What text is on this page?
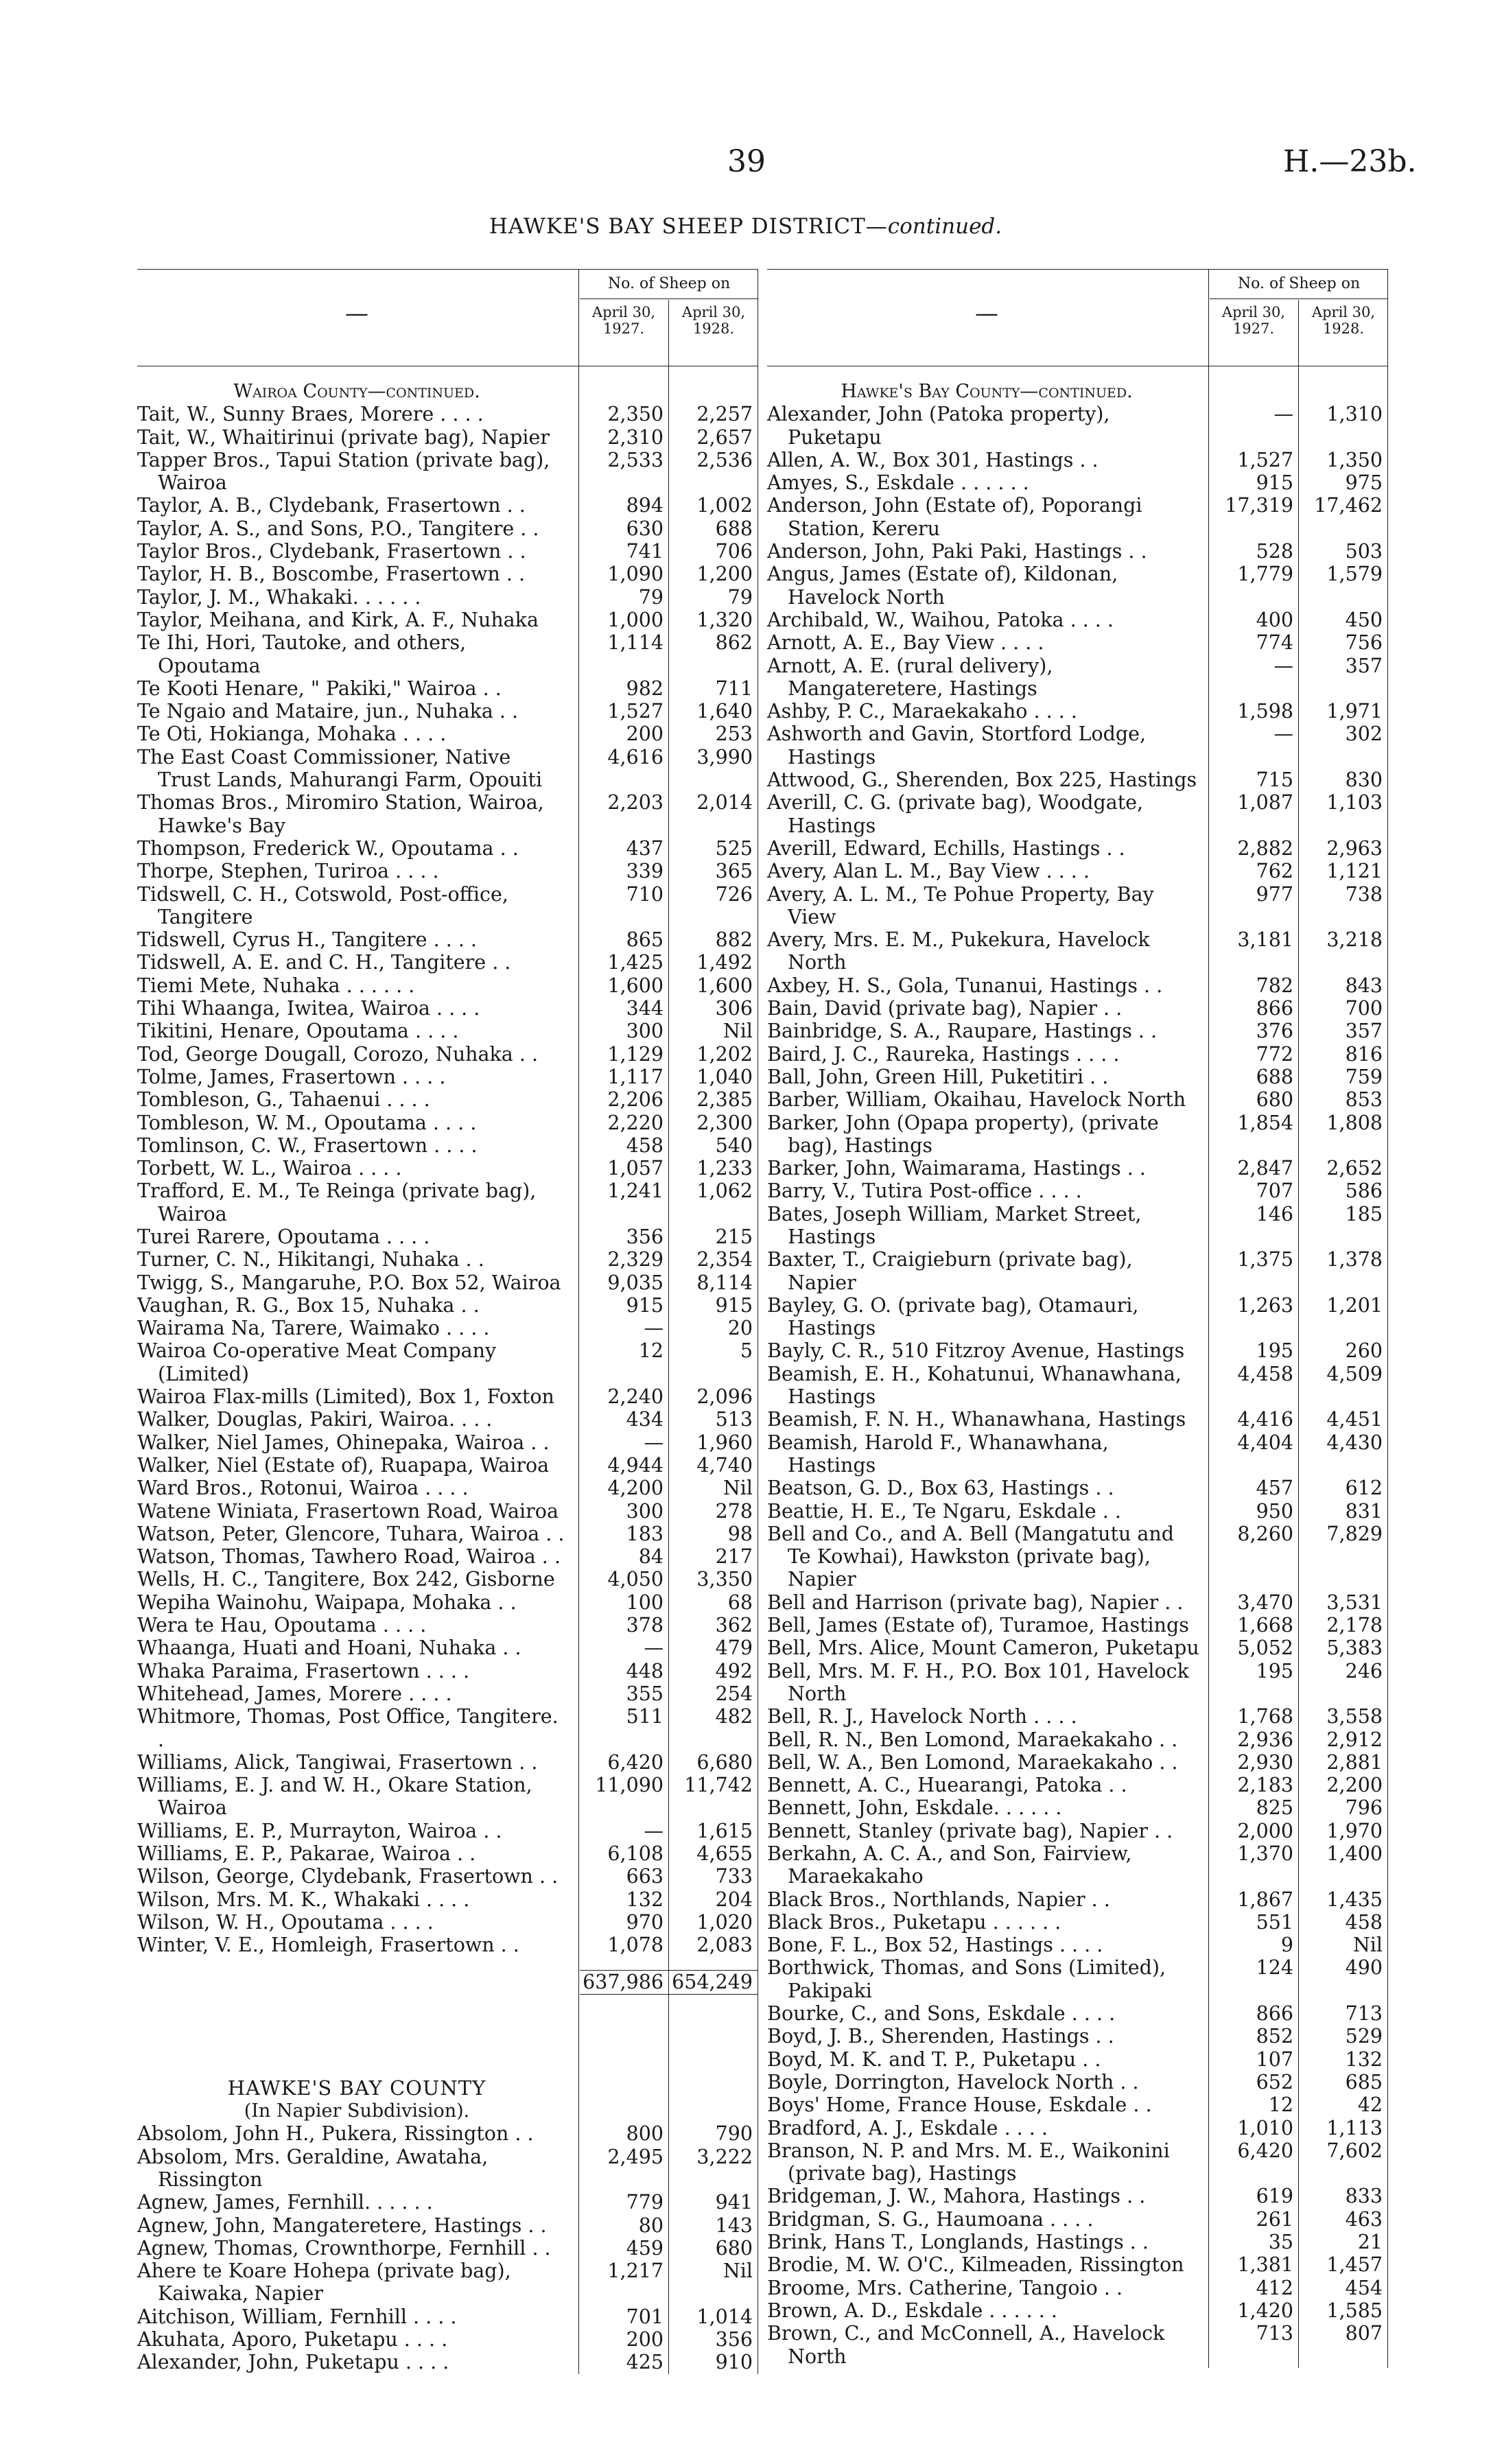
39	H.—23b.
HAWKE'S BAY SHEEP DISTRICT—continued.
—
No. of Sheep on
April 30, 1927.
April 30, 1928.
Wairoa County—continued.
Tait, W., Sunny Braes, Morere . . . .	2,350	2,257
Tait, W., Whaitirinui (private bag), Napier	2,310	2,657
Tapper Bros., Tapui Station (private bag), Wairoa
2,533	2,536
Taylor, A. B., Clydebank, Frasertown . .	894	1,002
Taylor, A. S., and Sons, P.O., Tangitere . .	630	688
Taylor Bros., Clydebank, Frasertown . .	741	706
Taylor, H. B., Boscombe, Frasertown . .	1,090	1,200
Taylor, J. M., Whakaki. . . . . .	79	79
Taylor, Meihana, and Kirk, A. F., Nuhaka	1,000	1,320
Te Ihi, Hori, Tautoke, and others, Opoutama
1,114	862
Te Kooti Henare, " Pakiki," Wairoa . .	982	711
Te Ngaio and Mataire, jun., Nuhaka . .	1,527	1,640
Te Oti, Hokianga, Mohaka . . . .	200	253
The East Coast Commissioner, Native Trust Lands, Mahurangi Farm, Opouiti
4,616	3,990
Thomas Bros., Miromiro Station, Wairoa, Hawke's Bay
2,203	2,014
Thompson, Frederick W., Opoutama . .	437	525
Thorpe, Stephen, Turiroa . . . .	339	365
Tidswell, C. H., Cotswold, Post-office, Tangitere
710	726
Tidswell, Cyrus H., Tangitere . . . .	865	882
Tidswell, A. E. and C. H., Tangitere . .	1,425	1,492
Tiemi Mete, Nuhaka . . . . . .	1,600	1,600
Tihi Whaanga, Iwitea, Wairoa . . . .	344	306
Tikitini, Henare, Opoutama . . . .	300	Nil
Tod, George Dougall, Corozo, Nuhaka . .	1,129	1,202
Tolme, James, Frasertown . . . .	1,117	1,040
Tombleson, G., Tahaenui . . . .	2,206	2,385
Tombleson, W. M., Opoutama . . . .	2,220	2,300
Tomlinson, C. W., Frasertown . . . .	458	540
Torbett, W. L., Wairoa . . . .	1,057	1,233
Trafford, E. M., Te Reinga (private bag), Wairoa
1,241	1,062
Turei Rarere, Opoutama . . . .	356	215
Turner, C. N., Hikitangi, Nuhaka . .	2,329	2,354
Twigg, S., Mangaruhe, P.O. Box 52, Wairoa	9,035	8,114
Vaughan, R. G., Box 15, Nuhaka . .	915	915
Wairama Na, Tarere, Waimako . . . .	—	20
Wairoa Co-operative Meat Company (Limited)
12	5
Wairoa Flax-mills (Limited), Box 1, Foxton	2,240	2,096
Walker, Douglas, Pakiri, Wairoa. . . .	434	513
Walker, Niel James, Ohinepaka, Wairoa . .	—	1,960
Walker, Niel (Estate of), Ruapapa, Wairoa	4,944	4,740
Ward Bros., Rotonui, Wairoa . . . .	4,200	Nil
Watene Winiata, Frasertown Road, Wairoa	300	278
Watson, Peter, Glencore, Tuhara, Wairoa . .	183	98
Watson, Thomas, Tawhero Road, Wairoa . .	84	217
Wells, H. C., Tangitere, Box 242, Gisborne	4,050	3,350
Wepiha Wainohu, Waipapa, Mohaka . .	100	68
Wera te Hau, Opoutama . . . .	378	362
Whaanga, Huati and Hoani, Nuhaka . .	—	479
Whaka Paraima, Frasertown . . . .	448	492
Whitehead, James, Morere . . . .	355	254
Whitmore, Thomas, Post Office, Tangitere. .
511	482
Williams, Alick, Tangiwai, Frasertown . .	6,420	6,680
Williams, E. J. and W. H., Okare Station, Wairoa
11,090	11,742
Williams, E. P., Murrayton, Wairoa . .	—	1,615
Williams, E. P., Pakarae, Wairoa . .	6,108	4,655
Wilson, George, Clydebank, Frasertown . .	663	733
Wilson, Mrs. M. K., Whakaki . . . .	132	204
Wilson, W. H., Opoutama . . . .	970	1,020
Winter, V. E., Homleigh, Frasertown . .	1,078	2,083
637,986 654,249
HAWKE'S BAY COUNTY
(In Napier Subdivision).
Absolom, John H., Pukera, Rissington . .	800	790
Absolom, Mrs. Geraldine, Awataha, Rissington
2,495	3,222
Agnew, James, Fernhill. . . . . .	779	941
Agnew, John, Mangateretere, Hastings . .	80	143
Agnew, Thomas, Crownthorpe, Fernhill . .	459	680
Ahere te Koare Hohepa (private bag), Kaiwaka, Napier
1,217	Nil
Aitchison, William, Fernhill . . . .	701	1,014
Akuhata, Aporo, Puketapu . . . .	200	356
Alexander, John, Puketapu . . . .	425	910
—
No. of Sheep on
April 30, 1927.
April 30, 1928.
Hawke's Bay County—continued.
Alexander, John (Patoka property), Puketapu
—	1,310
Allen, A. W., Box 301, Hastings . .	1,527	1,350
Amyes, S., Eskdale . . . . . .	915	975
Anderson, John (Estate of), Poporangi Station, Kereru
17,319	17,462
Anderson, John, Paki Paki, Hastings . .	528	503
Angus, James (Estate of), Kildonan, Havelock North
1,779	1,579
Archibald, W., Waihou, Patoka . . . .	400	450
Arnott, A. E., Bay View . . . .	774	756
Arnott, A. E. (rural delivery), Mangateretere, Hastings
—	357
Ashby, P. C., Maraekakaho . . . .	1,598	1,971
Ashworth and Gavin, Stortford Lodge, Hastings
—	302
Attwood, G., Sherenden, Box 225, Hastings	715	830
Averill, C. G. (private bag), Woodgate, Hastings
1,087	1,103
Averill, Edward, Echills, Hastings . .	2,882	2,963
Avery, Alan L. M., Bay View . . . .	762	1,121
Avery, A. L. M., Te Pohue Property, Bay View
977	738
Avery, Mrs. E. M., Pukekura, Havelock North
3,181	3,218
Axbey, H. S., Gola, Tunanui, Hastings . .	782	843
Bain, David (private bag), Napier . .	866	700
Bainbridge, S. A., Raupare, Hastings . .	376	357
Baird, J. C., Raureka, Hastings . . . .	772	816
Ball, John, Green Hill, Puketitiri . .	688	759
Barber, William, Okaihau, Havelock North	680	853
Barker, John (Opapa property), (private bag), Hastings
1,854	1,808
Barker, John, Waimarama, Hastings . .	2,847	2,652
Barry, V., Tutira Post-office . . . .	707	586
Bates, Joseph William, Market Street, Hastings
146	185
Baxter, T., Craigieburn (private bag), Napier
1,375	1,378
Bayley, G. O. (private bag), Otamauri, Hastings
1,263	1,201
Bayly, C. R., 510 Fitzroy Avenue, Hastings	195	260
Beamish, E. H., Kohatunui, Whanawhana, Hastings
4,458	4,509
Beamish, F. N. H., Whanawhana, Hastings	4,416	4,451
Beamish, Harold F., Whanawhana, Hastings
4,404	4,430
Beatson, G. D., Box 63, Hastings . .	457	612
Beattie, H. E., Te Ngaru, Eskdale . .	950	831
Bell and Co., and A. Bell (Mangatutu and Te Kowhai), Hawkston (private bag), Napier
8,260	7,829
Bell and Harrison (private bag), Napier . .	3,470	3,531
Bell, James (Estate of), Turamoe, Hastings	1,668	2,178
Bell, Mrs. Alice, Mount Cameron, Puketapu	5,052	5,383
Bell, Mrs. M. F. H., P.O. Box 101, Havelock North
195	246
Bell, R. J., Havelock North . . . .	1,768	3,558
Bell, R. N., Ben Lomond, Maraekakaho . .	2,936	2,912
Bell, W. A., Ben Lomond, Maraekakaho . .	2,930	2,881
Bennett, A. C., Huearangi, Patoka . .	2,183	2,200
Bennett, John, Eskdale. . . . . .	825	796
Bennett, Stanley (private bag), Napier . .	2,000	1,970
Berkahn, A. C. A., and Son, Fairview, Maraekakaho
1,370	1,400
Black Bros., Northlands, Napier . .	1,867	1,435
Black Bros., Puketapu . . . . . .	551	458
Bone, F. L., Box 52, Hastings . . . .	9	Nil
Borthwick, Thomas, and Sons (Limited), Pakipaki
124	490
Bourke, C., and Sons, Eskdale . . . .	866	713
Boyd, J. B., Sherenden, Hastings . .	852	529
Boyd, M. K. and T. P., Puketapu . .	107	132
Boyle, Dorrington, Havelock North . .	652	685
Boys' Home, France House, Eskdale . .	12	42
Bradford, A. J., Eskdale . . . .	1,010	1,113
Branson, N. P. and Mrs. M. E., Waikonini (private bag), Hastings
6,420	7,602
Bridgeman, J. W., Mahora, Hastings . .	619	833
Bridgman, S. G., Haumoana . . . .	261	463
Brink, Hans T., Longlands, Hastings . .	35	21
Brodie, M. W. O'C., Kilmeaden, Rissington	1,381	1,457
Broome, Mrs. Catherine, Tangoio . .	412	454
Brown, A. D., Eskdale . . . . . .	1,420	1,585
Brown, C., and McConnell, A., Havelock North
713	807
